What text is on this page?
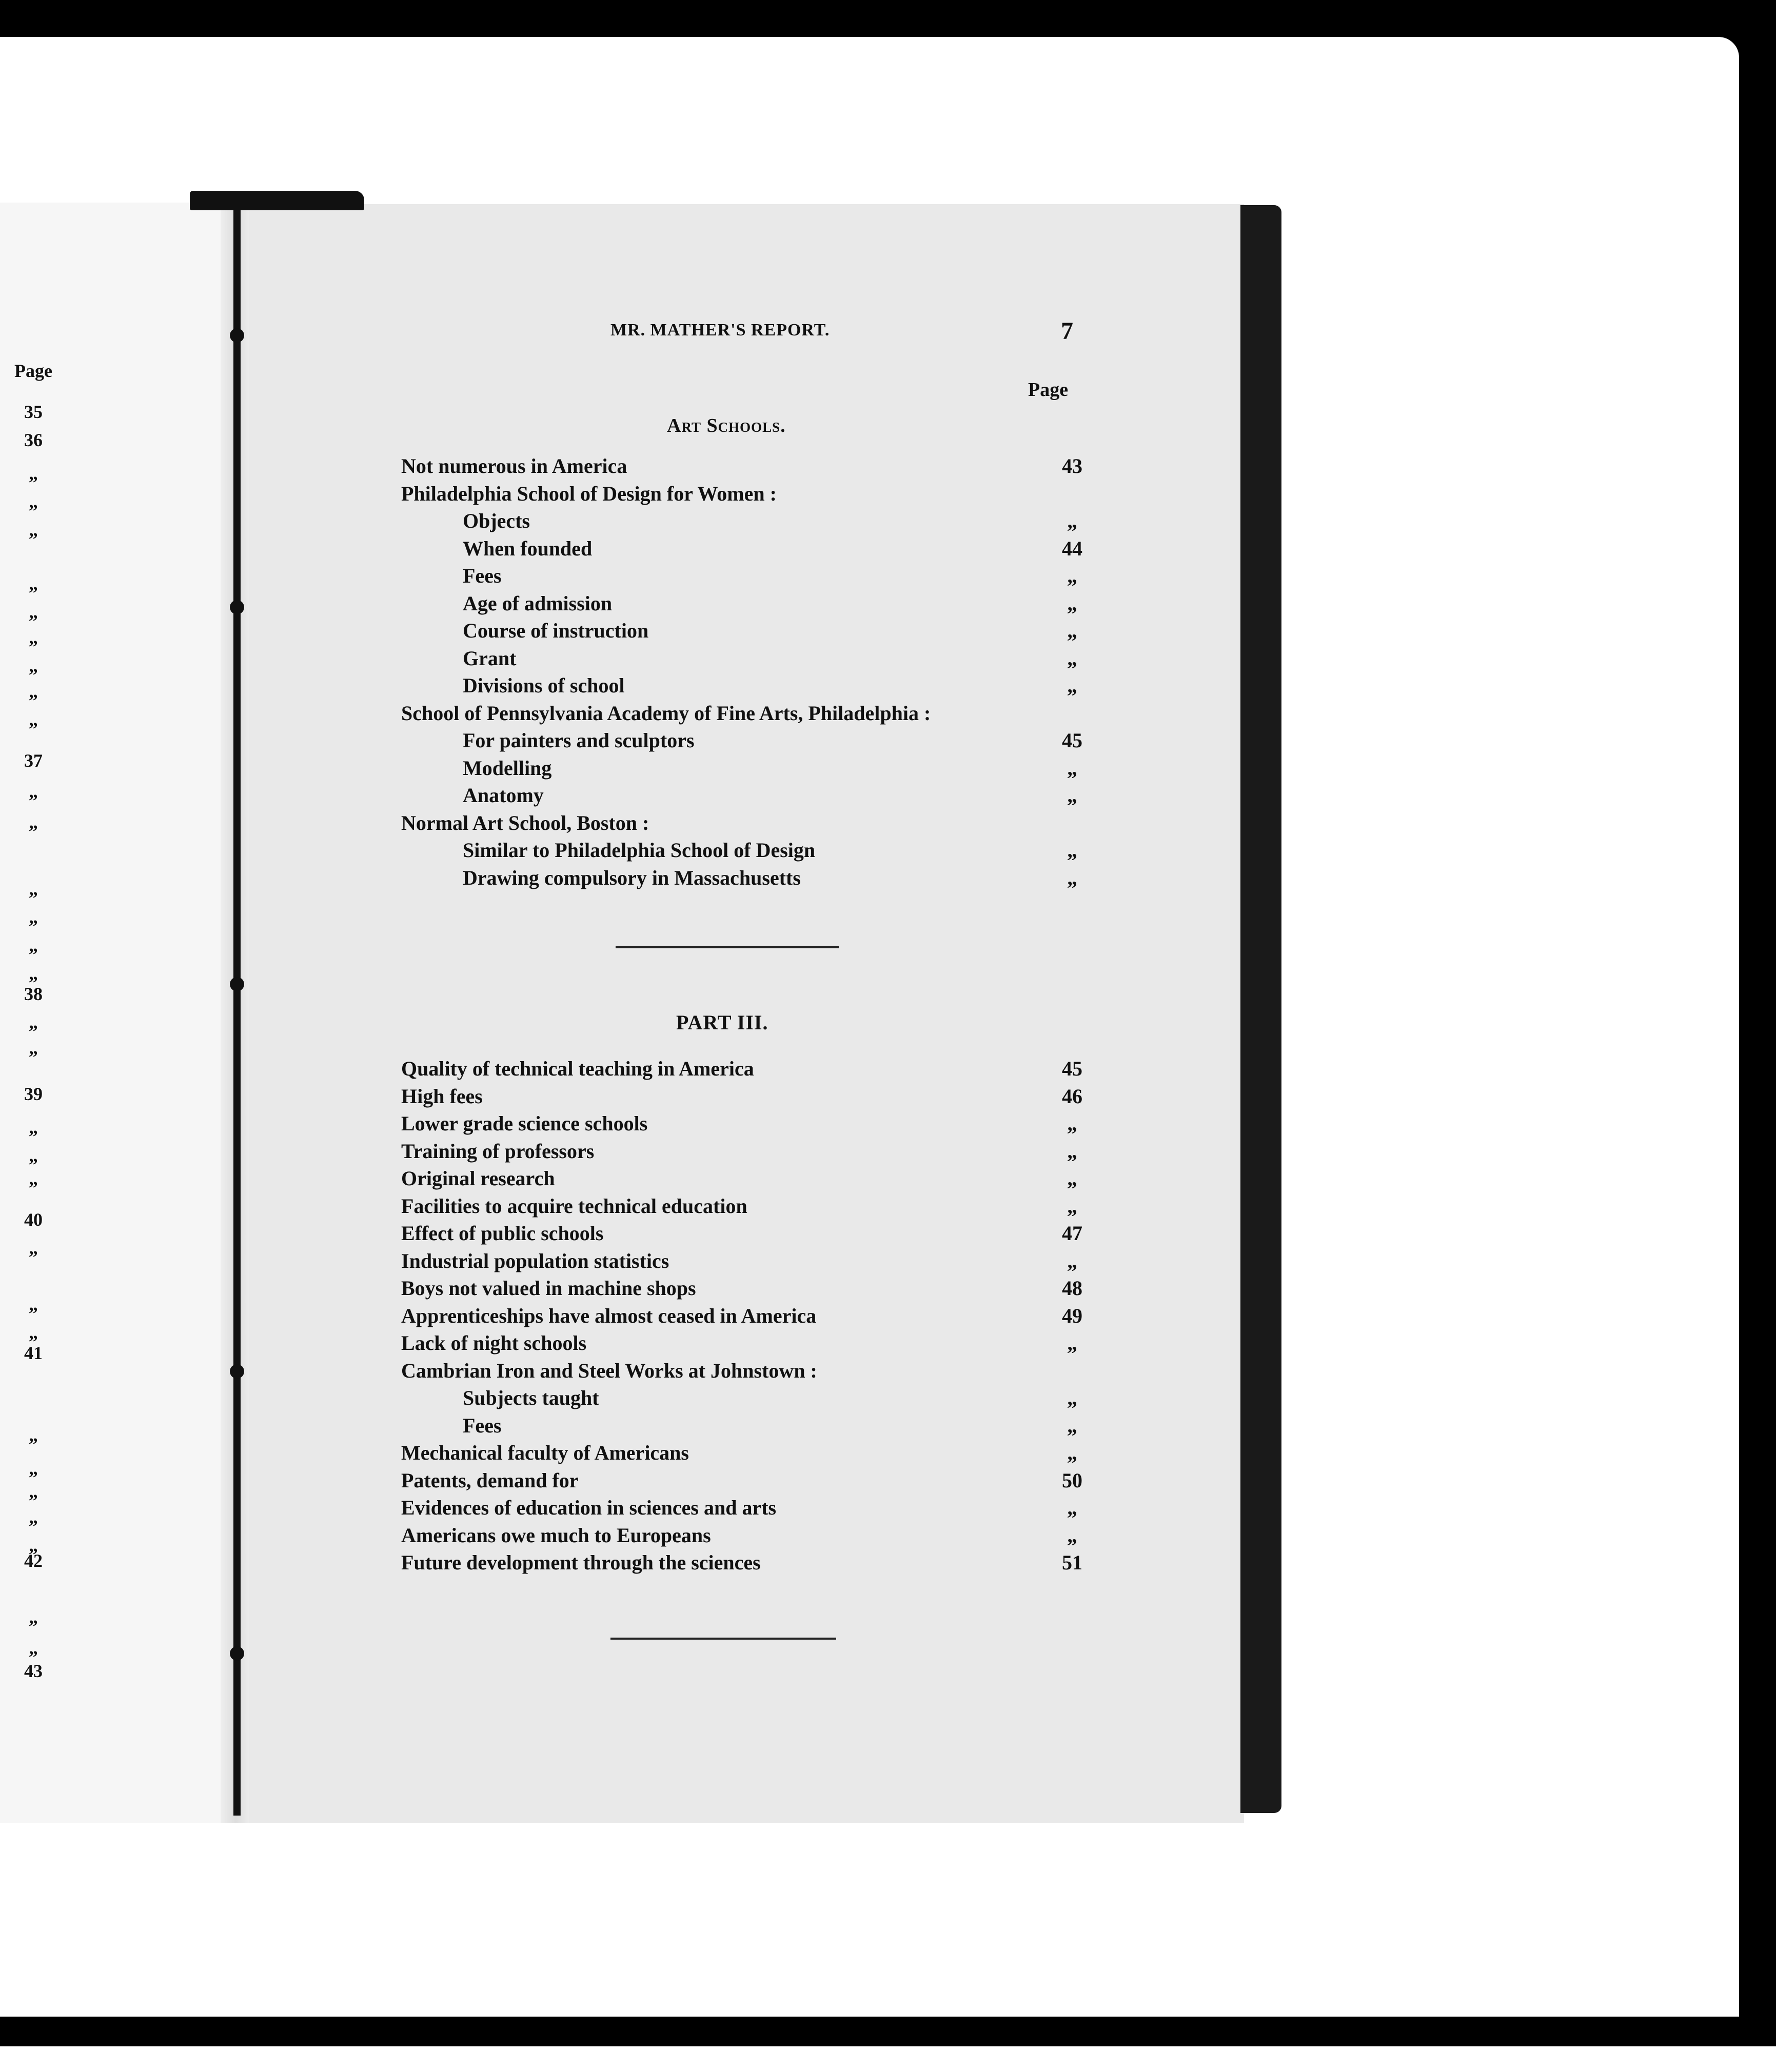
Page
35
36
„
„
„
„
„
„
„
„
„
37
„
„
„
„
„
„
38
„
„
39
„
„
„
40
„
„
„
41
„
„
„
„
„
42
„
„
43
MR. MATHER'S REPORT.	7
Page
Art Schools.
Not numerous in America	43
Philadelphia School of Design for Women :
Objects	„
When founded	44
Fees	„
Age of admission	„
Course of instruction	„
Grant	„
Divisions of school	„
School of Pennsylvania Academy of Fine Arts, Philadelphia :
For painters and sculptors	45
Modelling	„
Anatomy	„
Normal Art School, Boston :
Similar to Philadelphia School of Design	„
Drawing compulsory in Massachusetts	„
PART III.
Quality of technical teaching in America	45
High fees	46
Lower grade science schools	„
Training of professors	„
Original research	„
Facilities to acquire technical education	„
Effect of public schools	47
Industrial population statistics	„
Boys not valued in machine shops	48
Apprenticeships have almost ceased in America	49
Lack of night schools	„
Cambrian Iron and Steel Works at Johnstown :
Subjects taught	„
Fees	„
Mechanical faculty of Americans	„
Patents, demand for	50
Evidences of education in sciences and arts	„
Americans owe much to Europeans	„
Future development through the sciences	51
